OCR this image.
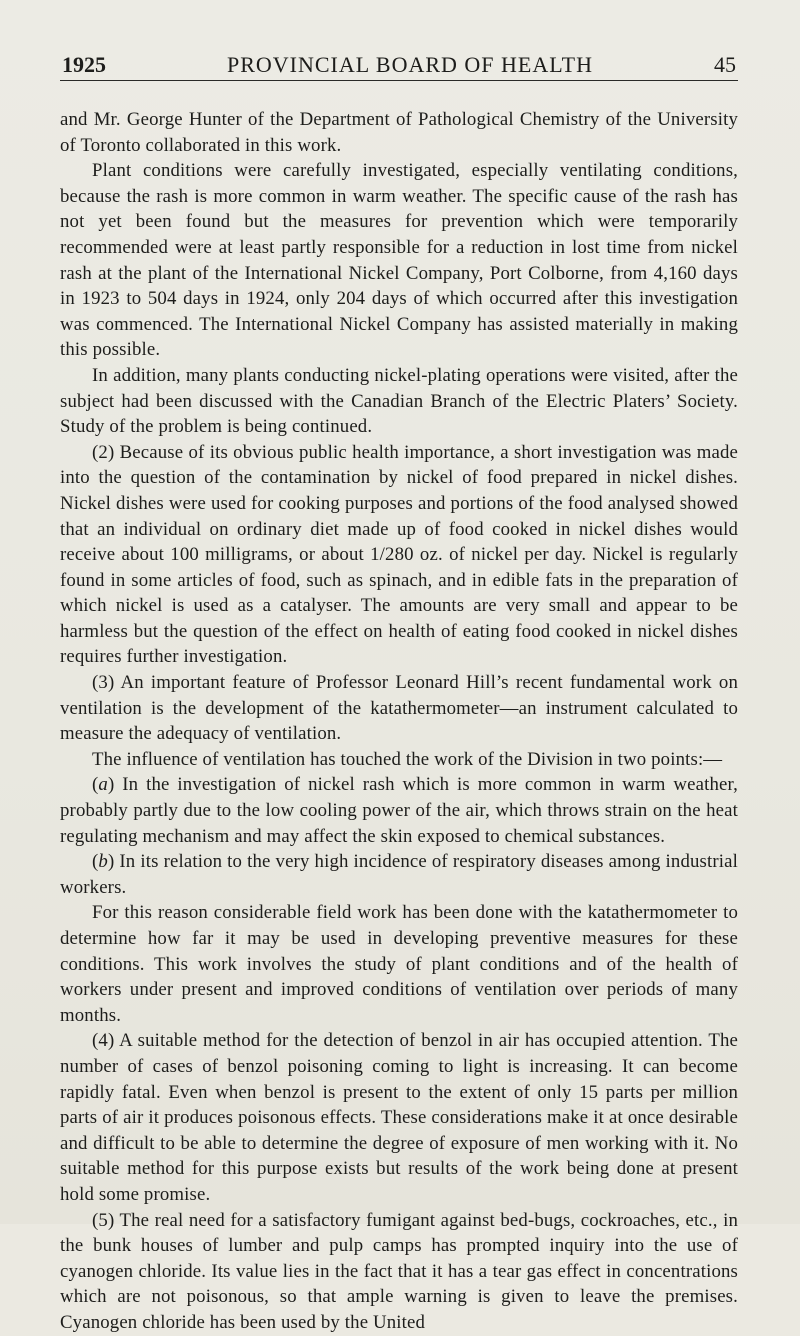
1925	PROVINCIAL BOARD OF HEALTH	45

and Mr. George Hunter of the Department of Pathological Chemistry of the University of Toronto collaborated in this work.

Plant conditions were carefully investigated, especially ventilating conditions, because the rash is more common in warm weather. The specific cause of the rash has not yet been found but the measures for prevention which were temporarily recommended were at least partly responsible for a reduction in lost time from nickel rash at the plant of the International Nickel Company, Port Colborne, from 4,160 days in 1923 to 504 days in 1924, only 204 days of which occurred after this investigation was commenced. The International Nickel Company has assisted materially in making this possible.

In addition, many plants conducting nickel-plating operations were visited, after the subject had been discussed with the Canadian Branch of the Electric Platers’ Society. Study of the problem is being continued.

(2) Because of its obvious public health importance, a short investigation was made into the question of the contamination by nickel of food prepared in nickel dishes. Nickel dishes were used for cooking purposes and portions of the food analysed showed that an individual on ordinary diet made up of food cooked in nickel dishes would receive about 100 milligrams, or about 1/280 oz. of nickel per day. Nickel is regularly found in some articles of food, such as spinach, and in edible fats in the preparation of which nickel is used as a catalyser. The amounts are very small and appear to be harmless but the question of the effect on health of eating food cooked in nickel dishes requires further investigation.

(3) An important feature of Professor Leonard Hill’s recent fundamental work on ventilation is the development of the katathermometer—an instrument calculated to measure the adequacy of ventilation.

The influence of ventilation has touched the work of the Division in two points:—

(a) In the investigation of nickel rash which is more common in warm weather, probably partly due to the low cooling power of the air, which throws strain on the heat regulating mechanism and may affect the skin exposed to chemical substances.

(b) In its relation to the very high incidence of respiratory diseases among industrial workers.

For this reason considerable field work has been done with the katathermometer to determine how far it may be used in developing preventive measures for these conditions. This work involves the study of plant conditions and of the health of workers under present and improved conditions of ventilation over periods of many months.

(4) A suitable method for the detection of benzol in air has occupied attention. The number of cases of benzol poisoning coming to light is increasing. It can become rapidly fatal. Even when benzol is present to the extent of only 15 parts per million parts of air it produces poisonous effects. These considerations make it at once desirable and difficult to be able to determine the degree of exposure of men working with it. No suitable method for this purpose exists but results of the work being done at present hold some promise.

(5) The real need for a satisfactory fumigant against bed-bugs, cockroaches, etc., in the bunk houses of lumber and pulp camps has prompted inquiry into the use of cyanogen chloride. Its value lies in the fact that it has a tear gas effect in concentrations which are not poisonous, so that ample warning is given to leave the premises. Cyanogen chloride has been used by the United
